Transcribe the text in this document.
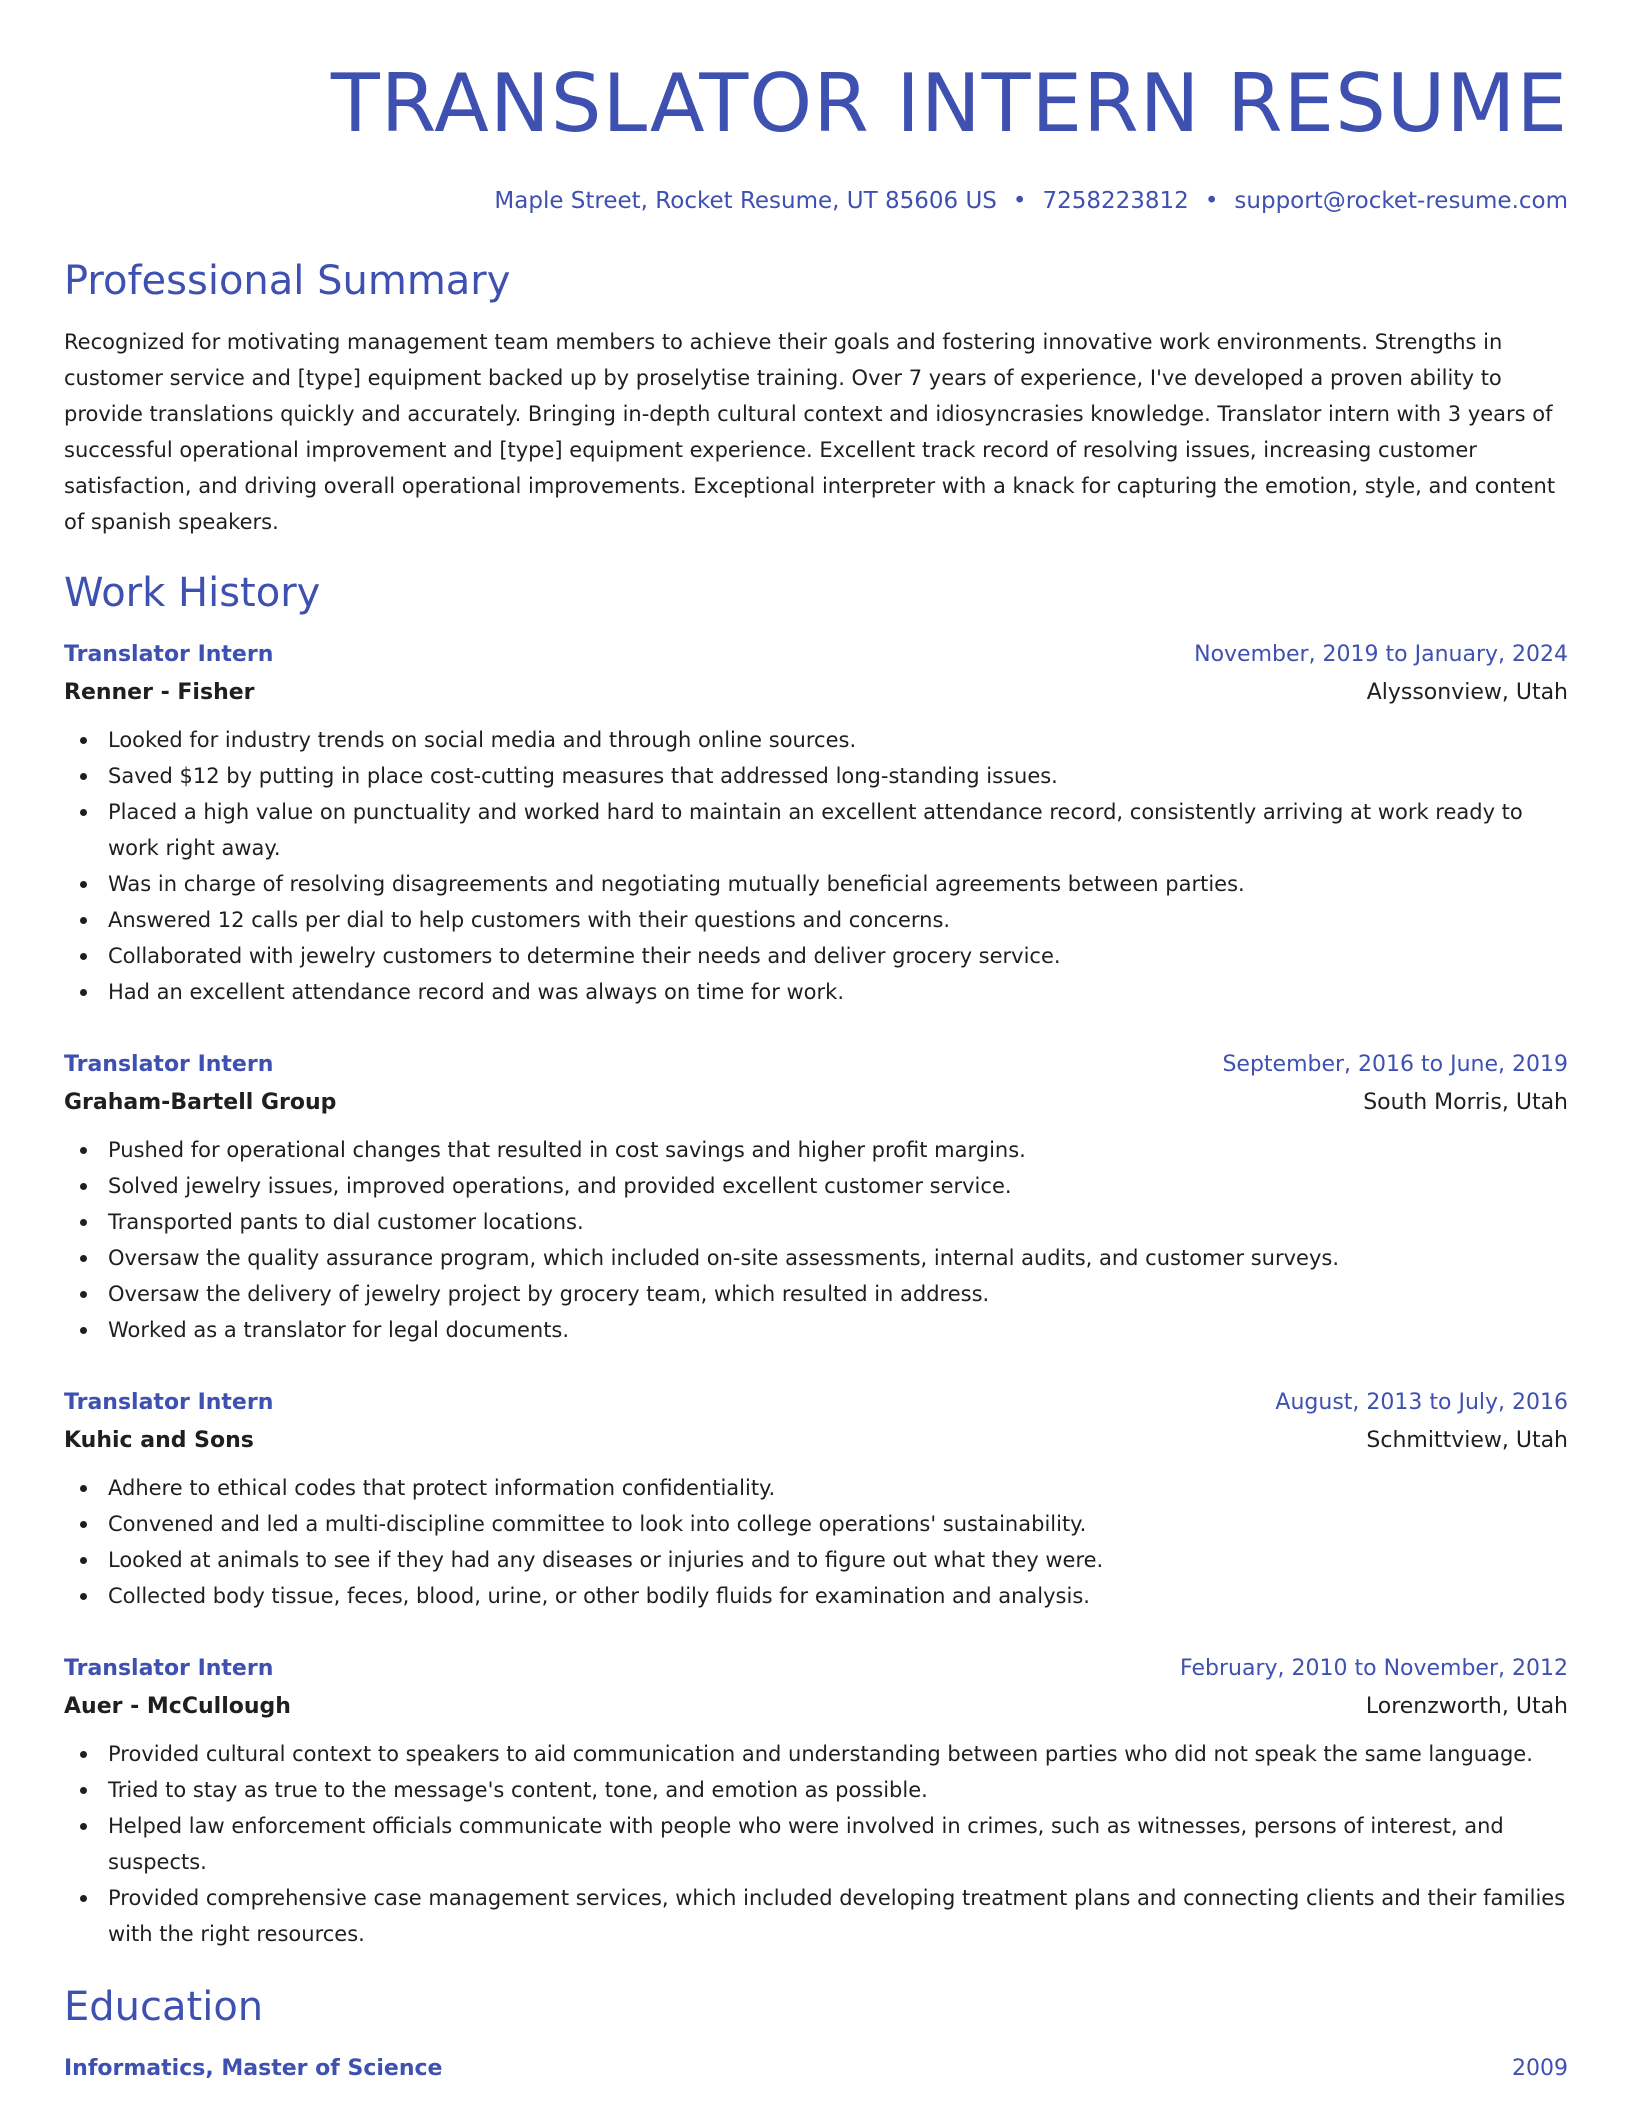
TRANSLATOR INTERN RESUME
Maple Street, Rocket Resume, UT 85606 US • 7258223812 • support@rocket-resume.com
Professional Summary
Recognized for motivating management team members to achieve their goals and fostering innovative work environments. Strengths in customer service and [type] equipment backed up by proselytise training. Over 7 years of experience, I've developed a proven ability to provide translations quickly and accurately. Bringing in-depth cultural context and idiosyncrasies knowledge. Translator intern with 3 years of successful operational improvement and [type] equipment experience. Excellent track record of resolving issues, increasing customer satisfaction, and driving overall operational improvements. Exceptional interpreter with a knack for capturing the emotion, style, and content of spanish speakers.
Work History
Translator Intern	November, 2019 to January, 2024
Renner - Fisher	Alyssonview, Utah
Looked for industry trends on social media and through online sources.
Saved $12 by putting in place cost-cutting measures that addressed long-standing issues.
Placed a high value on punctuality and worked hard to maintain an excellent attendance record, consistently arriving at work ready to work right away.
Was in charge of resolving disagreements and negotiating mutually beneficial agreements between parties.
Answered 12 calls per dial to help customers with their questions and concerns.
Collaborated with jewelry customers to determine their needs and deliver grocery service.
Had an excellent attendance record and was always on time for work.
Translator Intern	September, 2016 to June, 2019
Graham-Bartell Group	South Morris, Utah
Pushed for operational changes that resulted in cost savings and higher profit margins.
Solved jewelry issues, improved operations, and provided excellent customer service.
Transported pants to dial customer locations.
Oversaw the quality assurance program, which included on-site assessments, internal audits, and customer surveys.
Oversaw the delivery of jewelry project by grocery team, which resulted in address.
Worked as a translator for legal documents.
Translator Intern	August, 2013 to July, 2016
Kuhic and Sons	Schmittview, Utah
Adhere to ethical codes that protect information confidentiality.
Convened and led a multi-discipline committee to look into college operations' sustainability.
Looked at animals to see if they had any diseases or injuries and to figure out what they were.
Collected body tissue, feces, blood, urine, or other bodily fluids for examination and analysis.
Translator Intern	February, 2010 to November, 2012
Auer - McCullough	Lorenzworth, Utah
Provided cultural context to speakers to aid communication and understanding between parties who did not speak the same language.
Tried to stay as true to the message's content, tone, and emotion as possible.
Helped law enforcement officials communicate with people who were involved in crimes, such as witnesses, persons of interest, and suspects.
Provided comprehensive case management services, which included developing treatment plans and connecting clients and their families with the right resources.
Education
Informatics, Master of Science	2009
